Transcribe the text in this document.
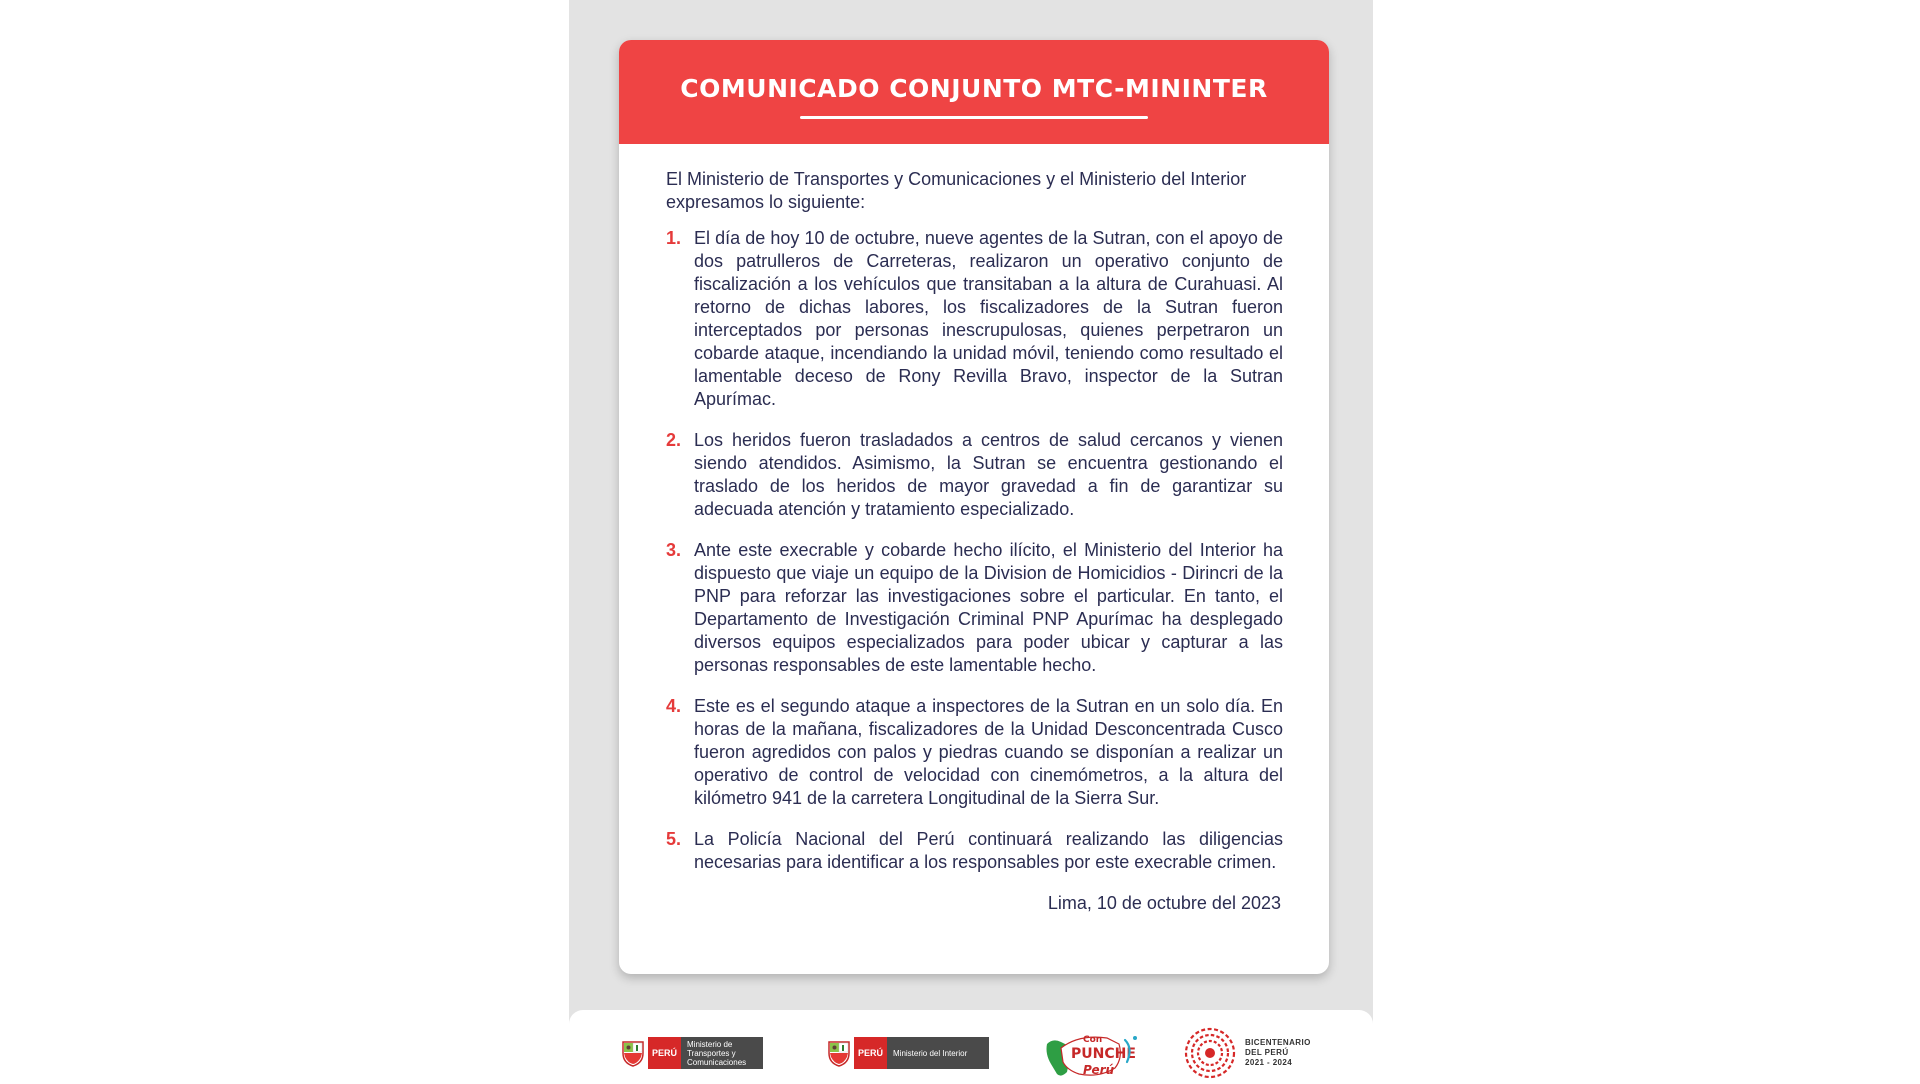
COMUNICADO CONJUNTO MTC-MININTER

El Ministerio de Transportes y Comunicaciones y el Ministerio del Interior expresamos lo siguiente:

1. El día de hoy 10 de octubre, nueve agentes de la Sutran, con el apoyo de dos patrulleros de Carreteras, realizaron un operativo conjunto de fiscalización a los vehículos que transitaban a la altura de Curahuasi. Al retorno de dichas labores, los fiscalizadores de la Sutran fueron interceptados por personas inescrupulosas, quienes perpetraron un cobarde ataque, incendiando la unidad móvil, teniendo como resultado el lamentable deceso de Rony Revilla Bravo, inspector de la Sutran Apurímac.
2. Los heridos fueron trasladados a centros de salud cercanos y vienen siendo atendidos. Asimismo, la Sutran se encuentra gestionando el traslado de los heridos de mayor gravedad a fin de garantizar su adecuada atención y tratamiento especializado.
3. Ante este execrable y cobarde hecho ilícito, el Ministerio del Interior ha dispuesto que viaje un equipo de la Division de Homicidios - Dirincri de la PNP para reforzar las investigaciones sobre el particular. En tanto, el Departamento de Investigación Criminal PNP Apurímac ha desplegado diversos equipos especializados para poder ubicar y capturar a las personas responsables de este lamentable hecho.
4. Este es el segundo ataque a inspectores de la Sutran en un solo día. En horas de la mañana, fiscalizadores de la Unidad Desconcentrada Cusco fueron agredidos con palos y piedras cuando se disponían a realizar un operativo de control de velocidad con cinemómetros, a la altura del kilómetro 941 de la carretera Longitudinal de la Sierra Sur.
5. La Policía Nacional del Perú continuará realizando las diligencias necesarias para identificar a los responsables por este execrable crimen.
Lima, 10 de octubre del 2023
PERÚ
Ministerio de Transportes y Comunicaciones
PERÚ	Ministerio del Interior
Con
PUNCHE
Perú
BICENTENARIO
DEL PERÚ
2021 - 2024
